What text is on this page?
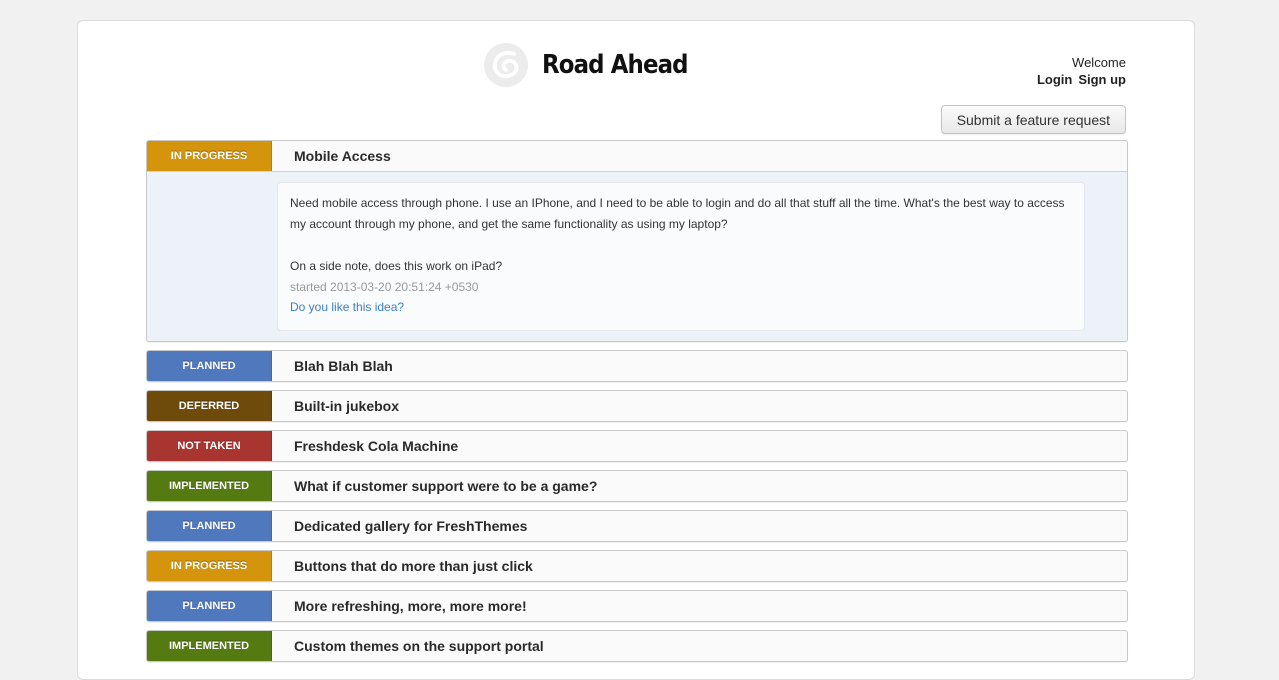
Road Ahead	Welcome
Login Sign up
Submit a feature request
IN PROGRESS	Mobile Access

Need mobile access through phone. I use an IPhone, and I need to be able to login and do all that stuff all the time. What's the best way to access my account through my phone, and get the same functionality as using my laptop?

On a side note, does this work on iPad?

started 2013-03-20 20:51:24 +0530
Do you like this idea?
PLANNED	Blah Blah Blah
DEFERRED	Built-in jukebox
NOT TAKEN	Freshdesk Cola Machine
IMPLEMENTED	What if customer support were to be a game?
PLANNED	Dedicated gallery for FreshThemes
IN PROGRESS	Buttons that do more than just click
PLANNED	More refreshing, more, more more!
IMPLEMENTED	Custom themes on the support portal
